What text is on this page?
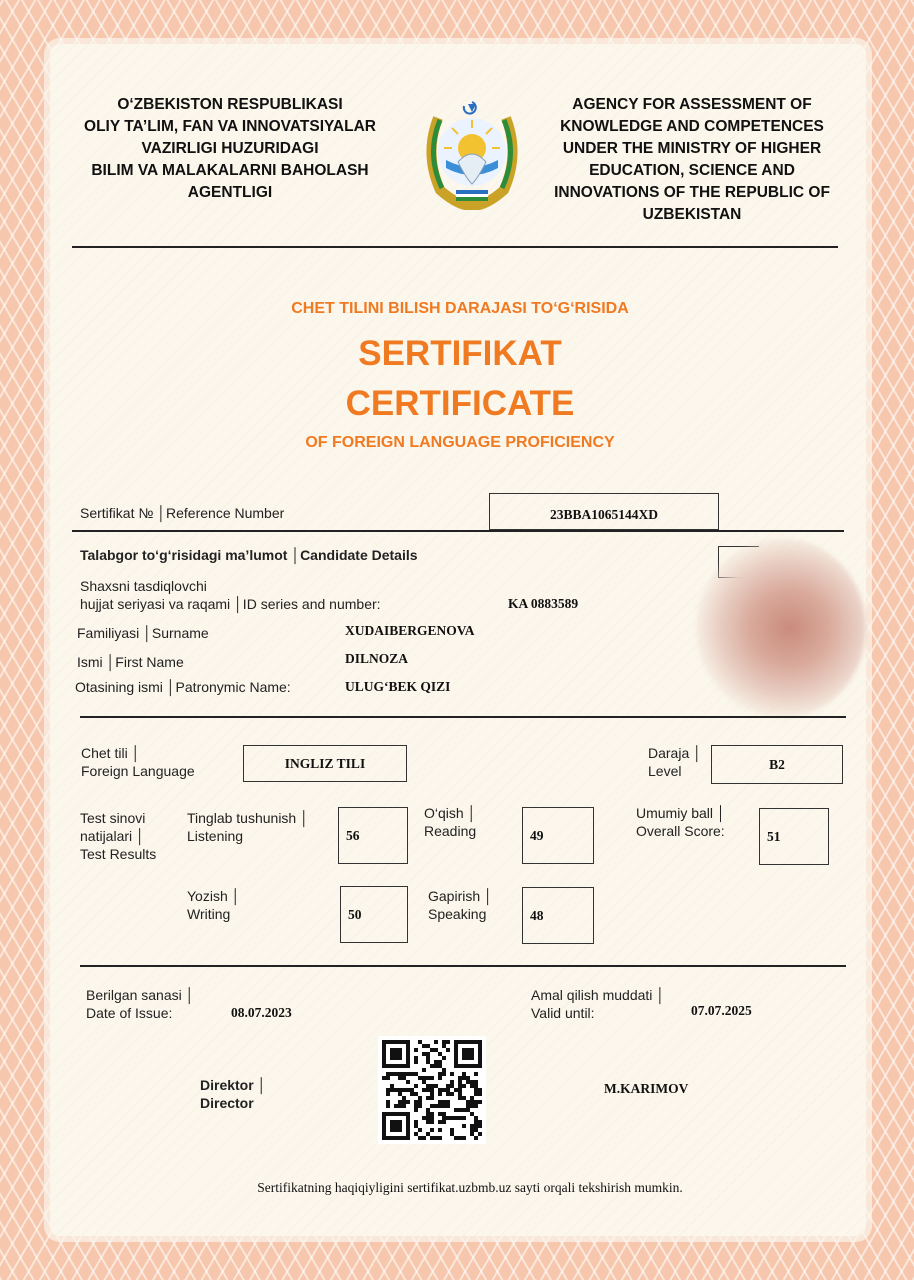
O‘ZBEKISTON RESPUBLIKASI
OLIY TA’LIM, FAN VA INNOVATSIYALAR
VAZIRLIGI HUZURIDAGI
BILIM VA MALAKALARNI BAHOLASH
AGENTLIGI
AGENCY FOR ASSESSMENT OF
KNOWLEDGE AND COMPETENCES
UNDER THE MINISTRY OF HIGHER
EDUCATION, SCIENCE AND
INNOVATIONS OF THE REPUBLIC OF
UZBEKISTAN
CHET TILINI BILISH DARAJASI TO‘G‘RISIDA
SERTIFIKAT
CERTIFICATE
OF FOREIGN LANGUAGE PROFICIENCY
Sertifikat № │Reference Number	23BBA1065144XD
Talabgor to‘g‘risidagi ma’lumot │Candidate Details
Shaxsni tasdiqlovchi
hujjat seriyasi va raqami │ID series and number:	KA 0883589
Familiyasi │Surname	XUDAIBERGENOVA
Ismi │First Name	DILNOZA
Otasining ismi │Patronymic Name:	ULUG‘BEK QIZI
Chet tili │
Foreign Language	INGLIZ TILI
Daraja │
Level	B2
Test sinovi
natijalari │
Test Results
Tinglab tushunish │
Listening	56
O‘qish │
Reading	49
Umumiy ball │
Overall Score:	51
Yozish │
Writing	50
Gapirish │
Speaking	48
Berilgan sanasi │
Date of Issue:	08.07.2023
Amal qilish muddati │
Valid until:	07.07.2025
Direktor │
Director
M.KARIMOV
Sertifikatning haqiqiyligini sertifikat.uzbmb.uz sayti orqali tekshirish mumkin.
